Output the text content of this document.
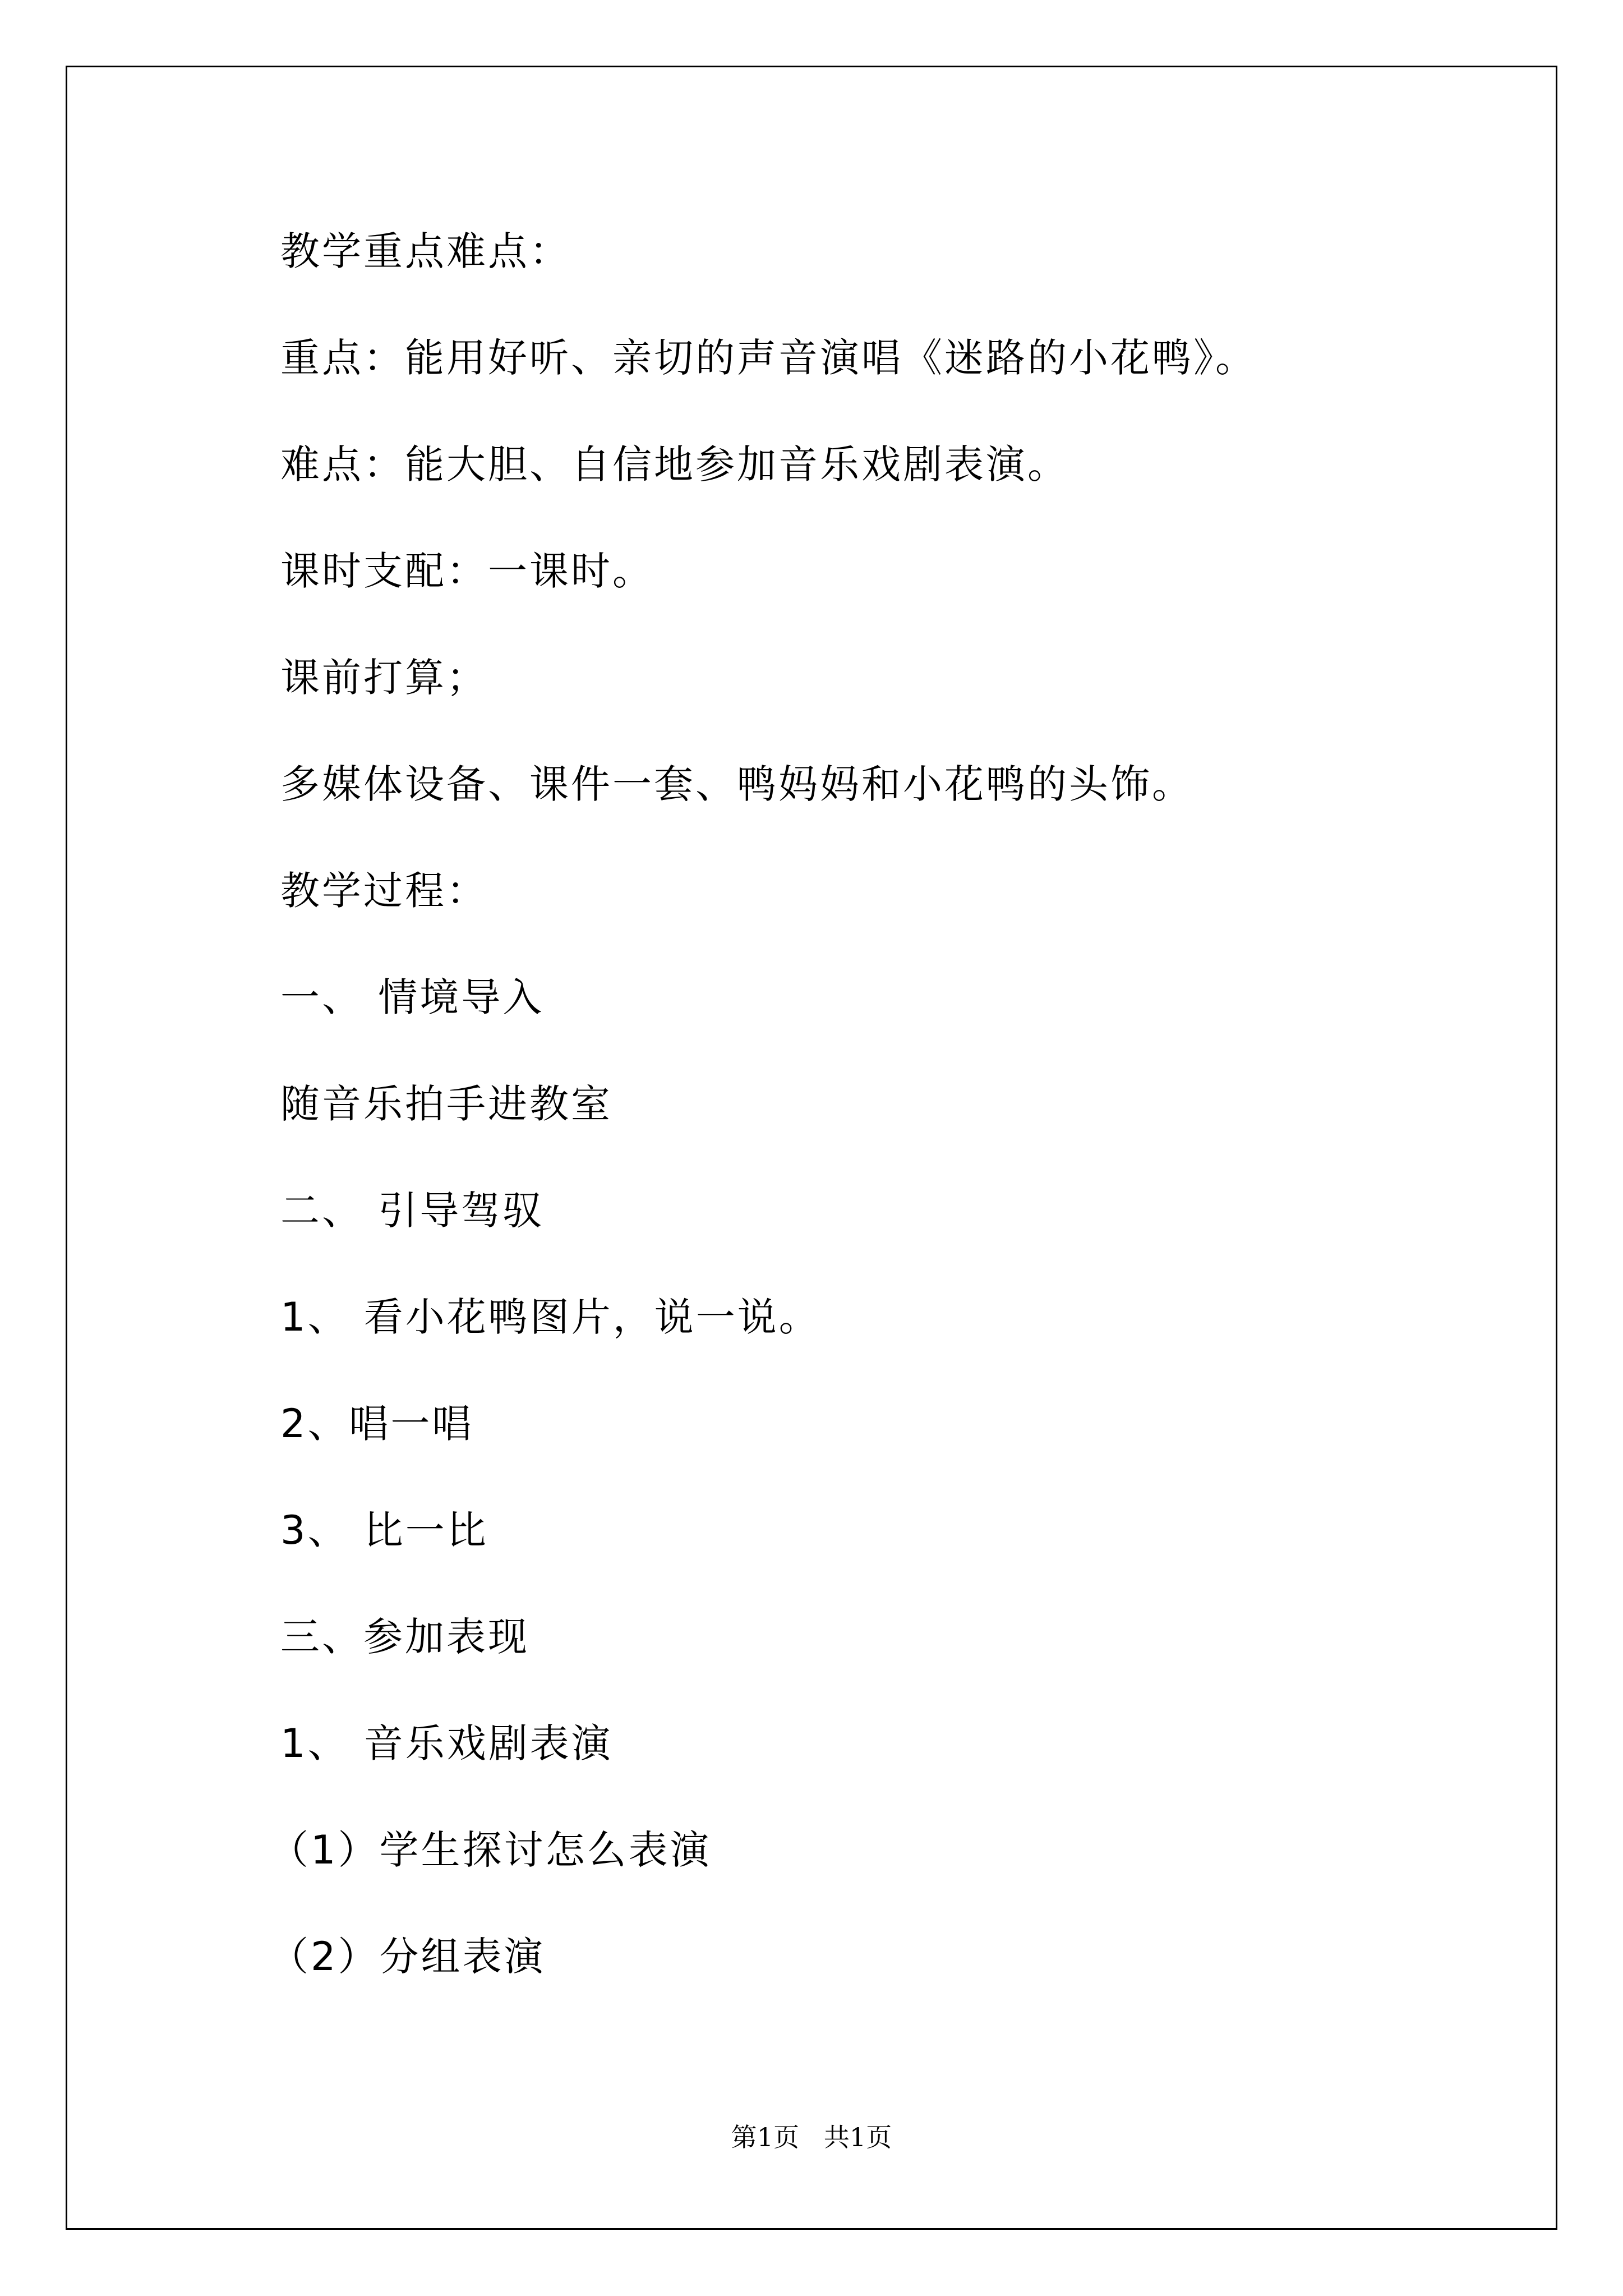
教学重点难点：
重点：能用好听、亲切的声音演唱《迷路的小花鸭》。
难点：能大胆、自信地参加音乐戏剧表演。
课时支配：一课时。
课前打算；
多媒体设备、课件一套、鸭妈妈和小花鸭的头饰。
教学过程：
一、 情境导入
随音乐拍手进教室
二、 引导驾驭
1、 看小花鸭图片，说一说。
2、唱一唱
3、 比一比
三、参加表现
1、 音乐戏剧表演
（1）学生探讨怎么表演
（2）分组表演
第1页   共1页
